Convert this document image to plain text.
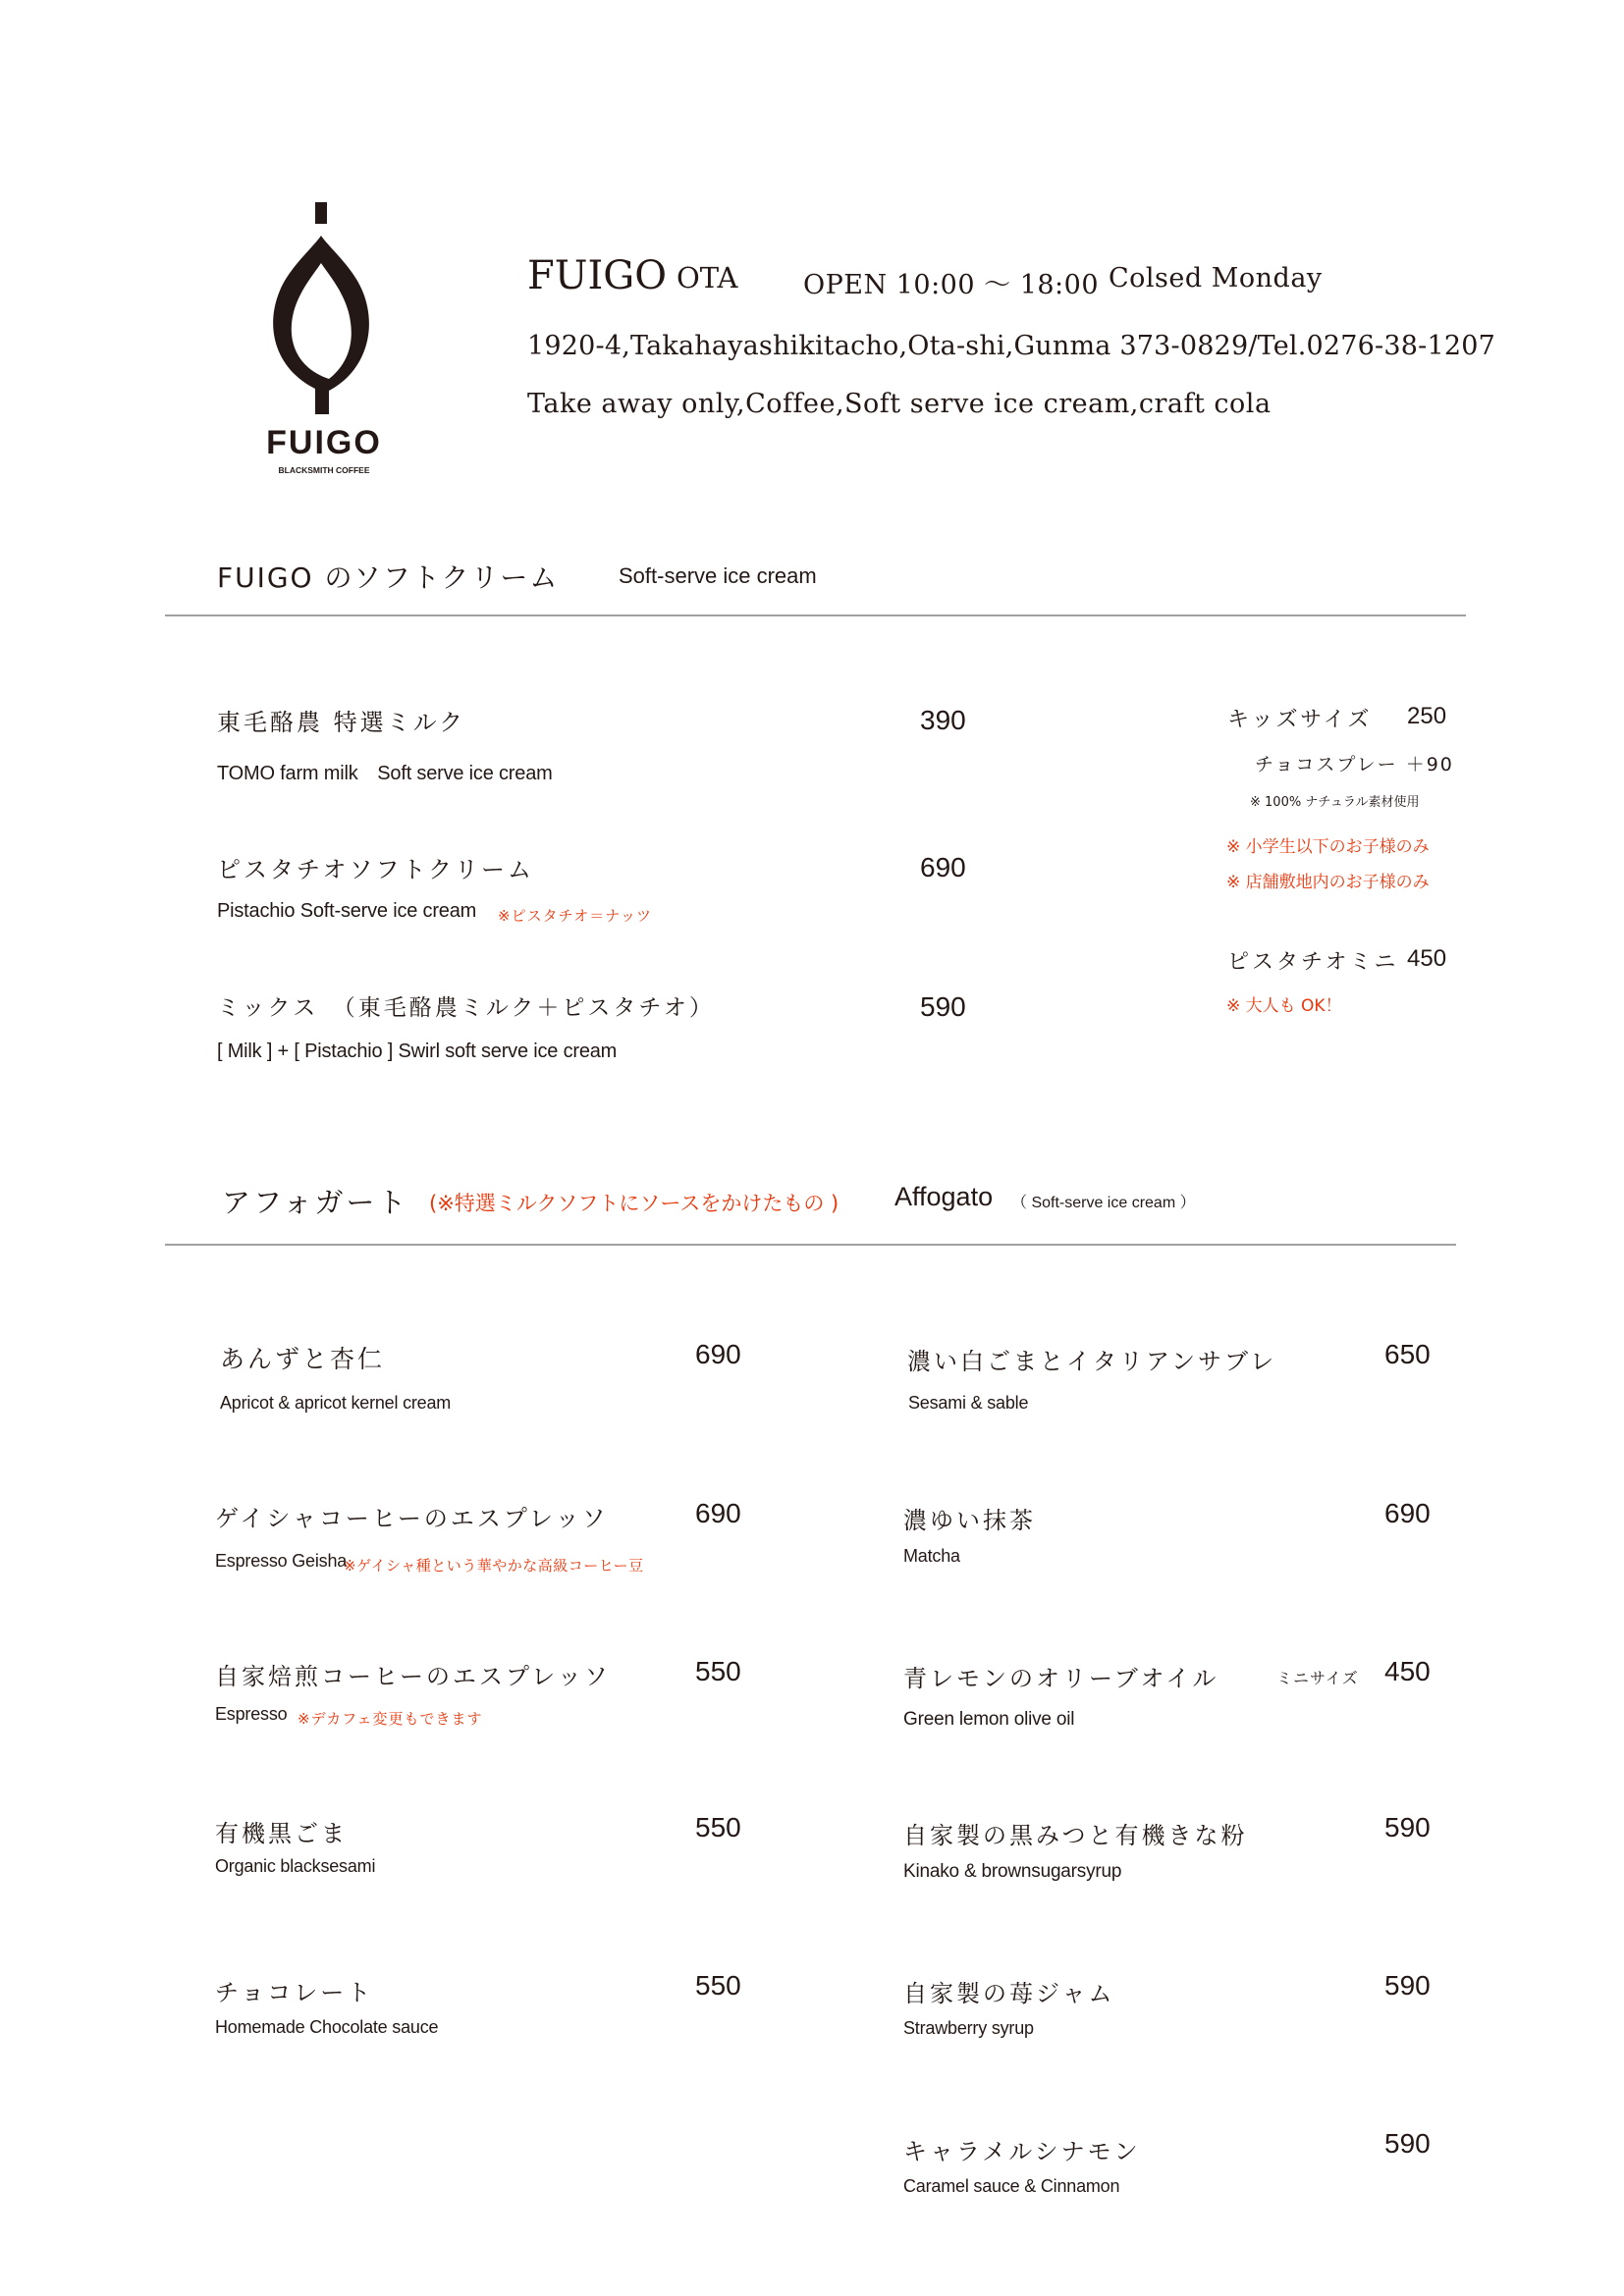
FUIGO
BLACKSMITH COFFEE
FUIGO OTA OPEN 10:00 〜 18:00 Colsed Monday
1920-4,Takahayashikitacho,Ota-shi,Gunma 373-0829/Tel.0276-38-1207
Take away only,Coffee,Soft serve ice cream,craft cola
FUIGO のソフトクリーム	Soft-serve ice cream
東毛酪農 特選ミルク
TOMO farm milk　Soft serve ice cream
390
ピスタチオソフトクリーム
Pistachio Soft-serve ice cream ※ピスタチオ＝ナッツ
690
ミックス　（東毛酪農ミルク＋ピスタチオ）
[ Milk ] + [ Pistachio ] Swirl soft serve ice cream
590
キッズサイズ 250
チョコスプレー ＋90
※ 100% ナチュラル素材使用
※ 小学生以下のお子様のみ
※ 店舗敷地内のお子様のみ
ピスタチオミニ 450
※ 大人も OK！
アフォガート (※特選ミルクソフトにソースをかけたもの ) Affogato （ Soft-serve ice cream ）
あんずと杏仁
Apricot & apricot kernel cream
690
ゲイシャコーヒーのエスプレッソ
Espresso Geisha
※ゲイシャ種という華やかな高級コーヒー豆
690
自家焙煎コーヒーのエスプレッソ
Espresso ※デカフェ変更もできます
550
有機黒ごま
Organic blacksesami
550
チョコレート
Homemade Chocolate sauce
550
濃い白ごまとイタリアンサブレ
Sesami & sable
650
濃ゆい抹茶
Matcha
690
青レモンのオリーブオイル
Green lemon olive oil
ミニサイズ 450
自家製の黒みつと有機きな粉
Kinako & brownsugarsyrup
590
自家製の苺ジャム
Strawberry syrup
590
キャラメルシナモン
Caramel sauce & Cinnamon
590
